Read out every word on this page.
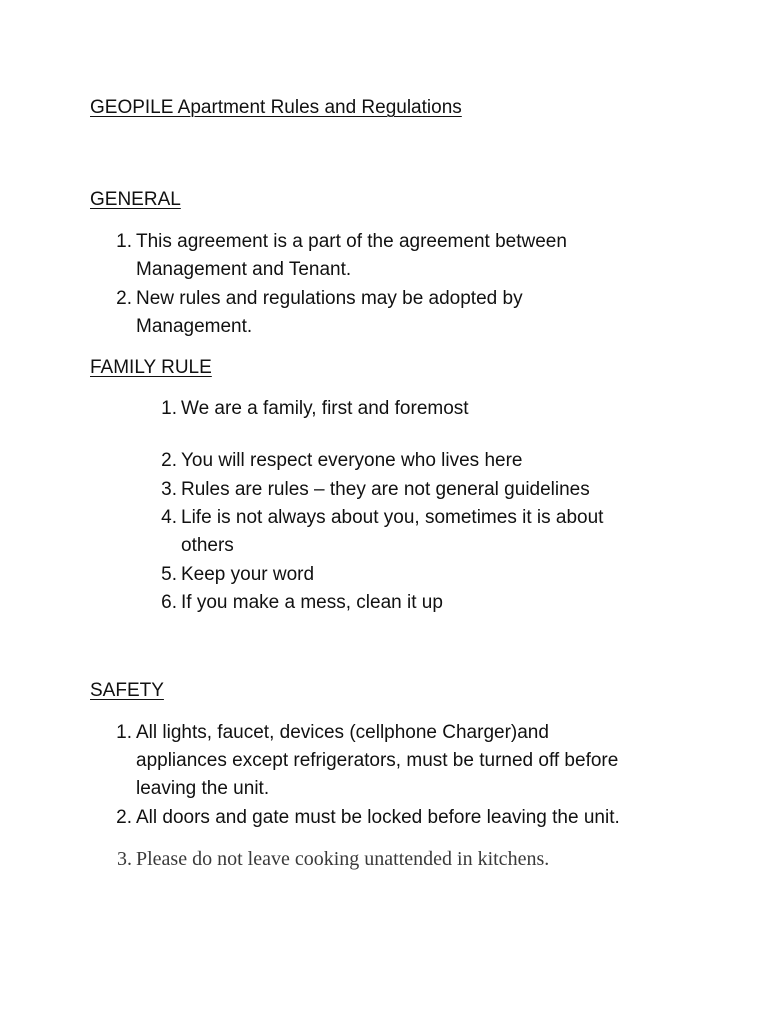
GEOPILE Apartment Rules and Regulations
GENERAL
1. This agreement is a part of the agreement between
Management and Tenant.
2. New rules and regulations may be adopted by
Management.
FAMILY RULE
1. We are a family, first and foremost
2. You will respect everyone who lives here
3. Rules are rules – they are not general guidelines
4. Life is not always about you, sometimes it is about
others
5. Keep your word
6. If you make a mess, clean it up
SAFETY
1. All lights, faucet, devices (cellphone Charger)and
appliances except refrigerators, must be turned off before
leaving the unit.
2. All doors and gate must be locked before leaving the unit.
3. Please do not leave cooking unattended in kitchens.
